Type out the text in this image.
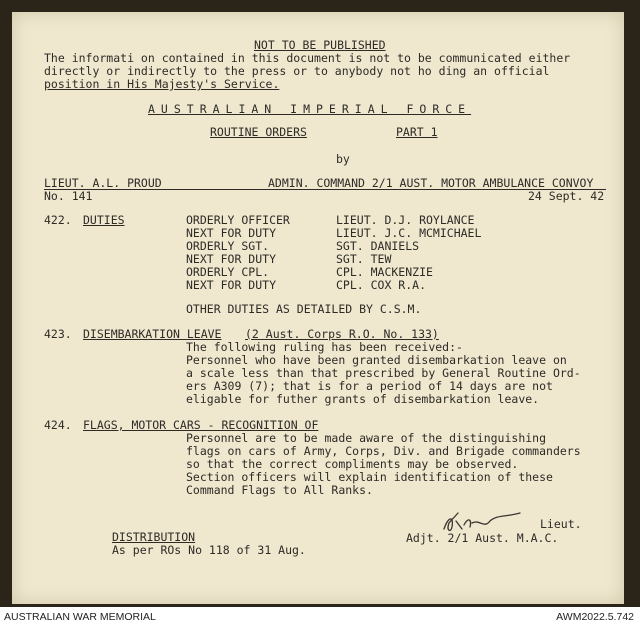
NOT TO BE PUBLISHED
The informati on contained in this document is not to be communicated either
directly or indirectly to the press or to anybody not ho ding an official
position in His Majesty's Service.
AUSTRALIAN IMPERIAL FORCE
ROUTINE ORDERS	PART 1
by
LIEUT. A.L. PROUD	ADMIN. COMMAND 2/1 AUST. MOTOR AMBULANCE CONVOY
No. 141	24 Sept. 42
422. DUTIES	ORDERLY OFFICER	LIEUT. D.J. ROYLANCE
NEXT FOR DUTY	LIEUT. J.C. MCMICHAEL
ORDERLY SGT.	SGT. DANIELS
NEXT FOR DUTY	SGT. TEW
ORDERLY CPL.	CPL. MACKENZIE
NEXT FOR DUTY	CPL. COX R.A.
OTHER DUTIES AS DETAILED BY C.S.M.
423. DISEMBARKATION LEAVE (2 Aust. Corps R.O. No. 133)
The following ruling has been received:-
Personnel who have been granted disembarkation leave on
a scale less than that prescribed by General Routine Ord-
ers A309 (7); that is for a period of 14 days are not
eligable for futher grants of disembarkation leave.
424. FLAGS, MOTOR CARS - RECOGNITION OF
Personnel are to be made aware of the distinguishing
flags on cars of Army, Corps, Div. and Brigade commanders
so that the correct compliments may be observed.
Section officers will explain identification of these
Command Flags to All Ranks.
Lieut.
Adjt. 2/1 Aust. M.A.C.
DISTRIBUTION
As per ROs No 118 of 31 Aug.
AUSTRALIAN WAR MEMORIAL	AWM2022.5.742
